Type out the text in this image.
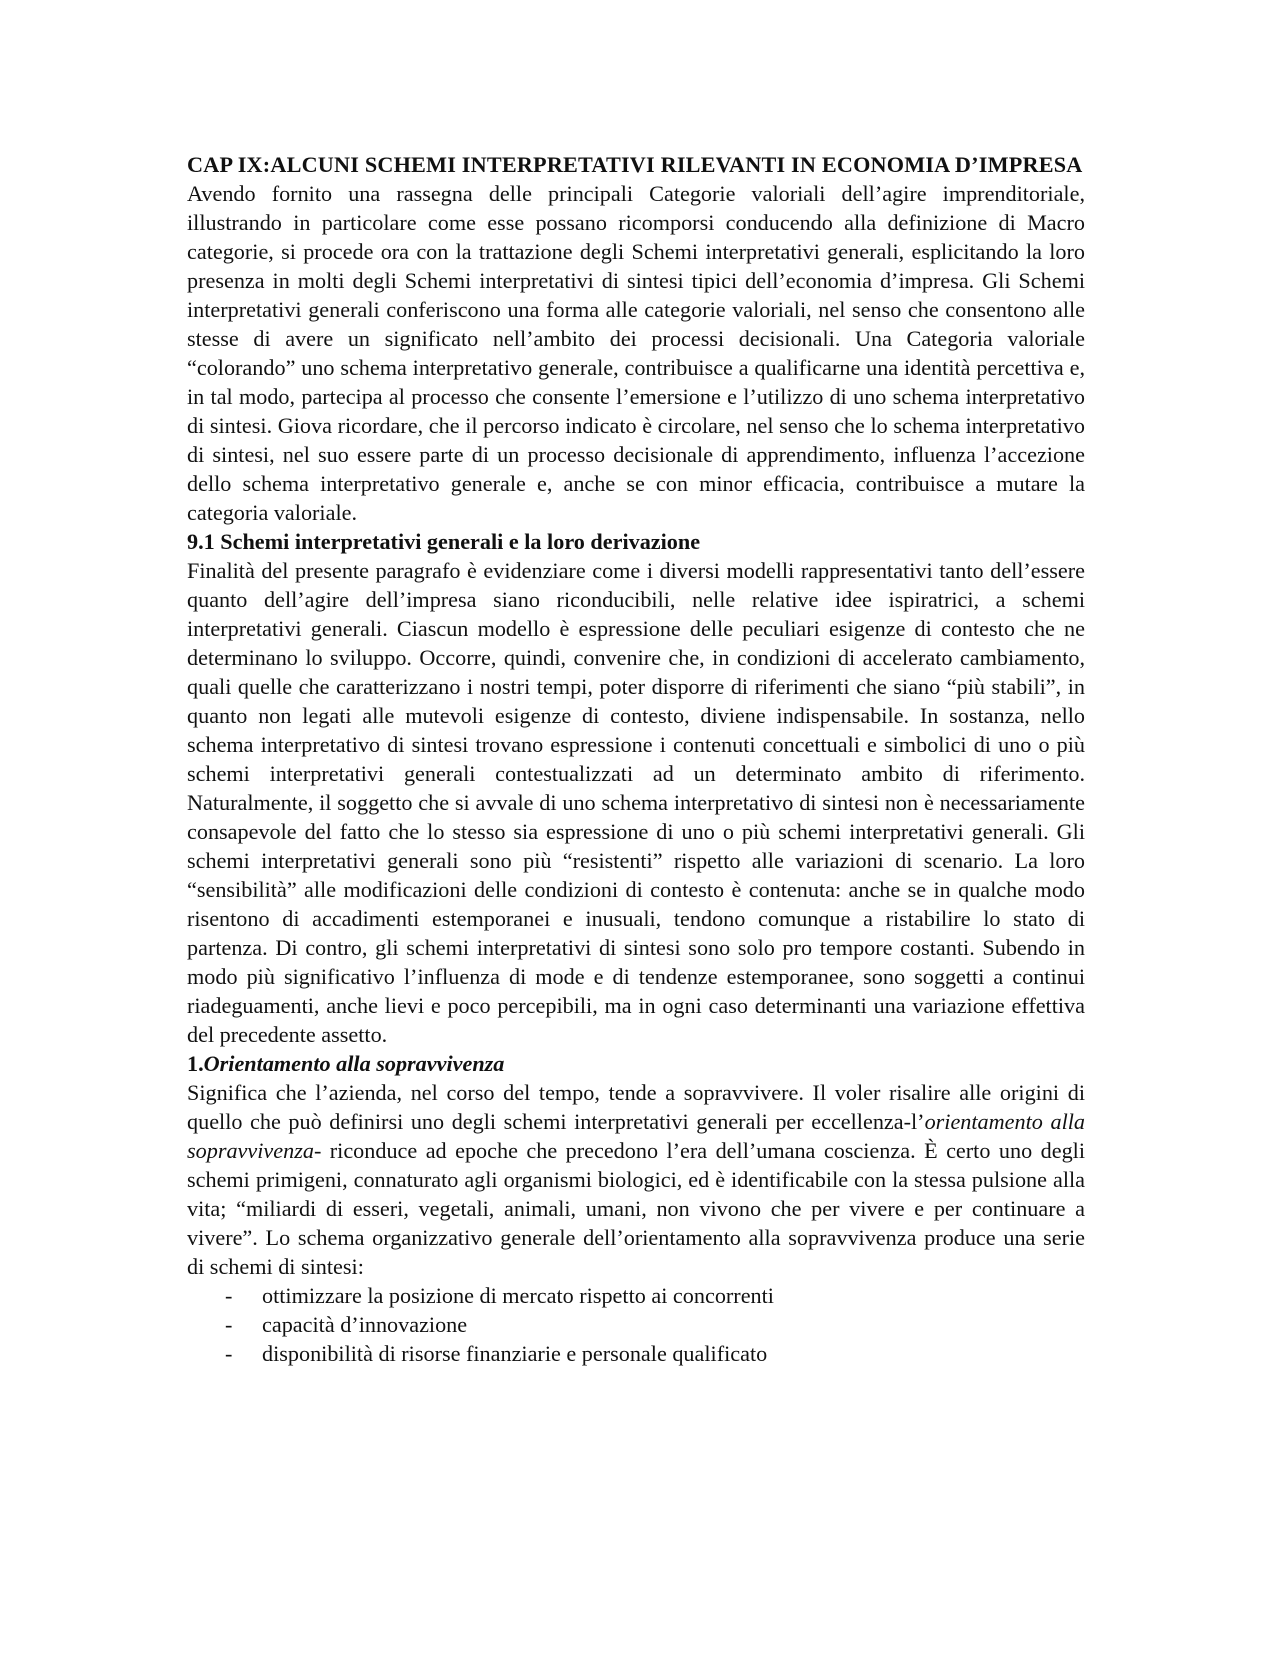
CAP IX:ALCUNI SCHEMI INTERPRETATIVI RILEVANTI IN ECONOMIA D’IMPRESA

Avendo fornito una rassegna delle principali Categorie valoriali dell’agire imprenditoriale, illustrando in particolare come esse possano ricomporsi conducendo alla definizione di Macro categorie, si procede ora con la trattazione degli Schemi interpretativi generali, esplicitando la loro presenza in molti degli Schemi interpretativi di sintesi tipici dell’economia d’impresa. Gli Schemi interpretativi generali conferiscono una forma alle categorie valoriali, nel senso che consentono alle stesse di avere un significato nell’ambito dei processi decisionali. Una Categoria valoriale “colorando” uno schema interpretativo generale, contribuisce a qualificarne una identità percettiva e, in tal modo, partecipa al processo che consente l’emersione e l’utilizzo di uno schema interpretativo di sintesi. Giova ricordare, che il percorso indicato è circolare, nel senso che lo schema interpretativo di sintesi, nel suo essere parte di un processo decisionale di apprendimento, influenza l’accezione dello schema interpretativo generale e, anche se con minor efficacia, contribuisce a mutare la categoria valoriale.

9.1 Schemi interpretativi generali e la loro derivazione

Finalità del presente paragrafo è evidenziare come i diversi modelli rappresentativi tanto dell’essere quanto dell’agire dell’impresa siano riconducibili, nelle relative idee ispiratrici, a schemi interpretativi generali. Ciascun modello è espressione delle peculiari esigenze di contesto che ne determinano lo sviluppo. Occorre, quindi, convenire che, in condizioni di accelerato cambiamento, quali quelle che caratterizzano i nostri tempi, poter disporre di riferimenti che siano “più stabili”, in quanto non legati alle mutevoli esigenze di contesto, diviene indispensabile. In sostanza, nello schema interpretativo di sintesi trovano espressione i contenuti concettuali e simbolici di uno o più schemi interpretativi generali contestualizzati ad un determinato ambito di riferimento. Naturalmente, il soggetto che si avvale di uno schema interpretativo di sintesi non è necessariamente consapevole del fatto che lo stesso sia espressione di uno o più schemi interpretativi generali. Gli schemi interpretativi generali sono più “resistenti” rispetto alle variazioni di scenario. La loro “sensibilità” alle modificazioni delle condizioni di contesto è contenuta: anche se in qualche modo risentono di accadimenti estemporanei e inusuali, tendono comunque a ristabilire lo stato di partenza. Di contro, gli schemi interpretativi di sintesi sono solo pro tempore costanti. Subendo in modo più significativo l’influenza di mode e di tendenze estemporanee, sono soggetti a continui riadeguamenti, anche lievi e poco percepibili, ma in ogni caso determinanti una variazione effettiva del precedente assetto.

1.Orientamento alla sopravvivenza

Significa che l’azienda, nel corso del tempo, tende a sopravvivere. Il voler risalire alle origini di quello che può definirsi uno degli schemi interpretativi generali per eccellenza-l’orientamento alla sopravvivenza- riconduce ad epoche che precedono l’era dell’umana coscienza. È certo uno degli schemi primigeni, connaturato agli organismi biologici, ed è identificabile con la stessa pulsione alla vita; “miliardi di esseri, vegetali, animali, umani, non vivono che per vivere e per continuare a vivere”. Lo schema organizzativo generale dell’orientamento alla sopravvivenza produce una serie di schemi di sintesi:

- ottimizzare la posizione di mercato rispetto ai concorrenti
- capacità d’innovazione
- disponibilità di risorse finanziarie e personale qualificato
